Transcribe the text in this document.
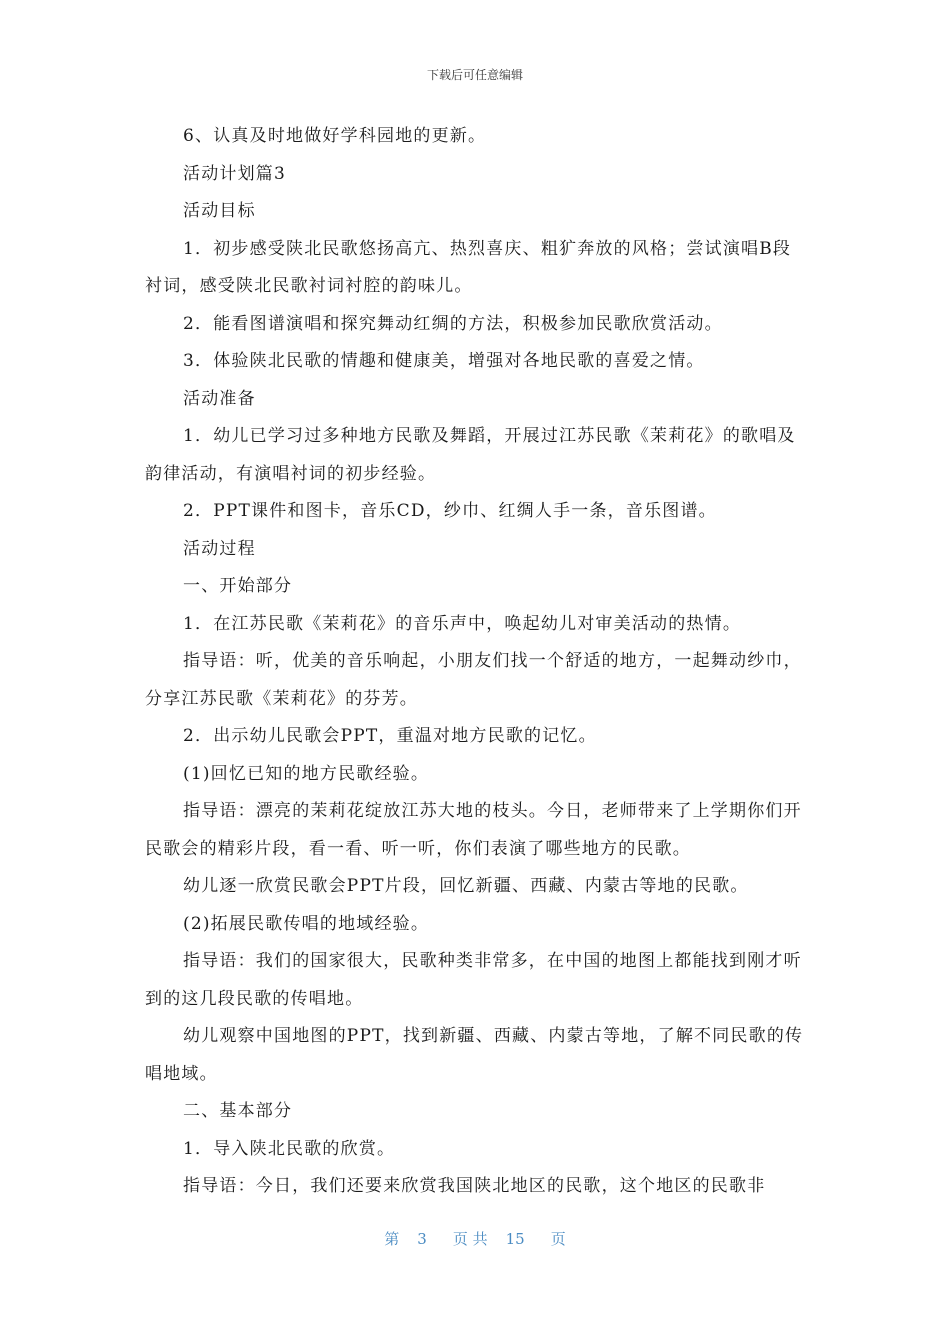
下载后可任意编辑

6、认真及时地做好学科园地的更新。

活动计划篇3

活动目标

1．初步感受陕北民歌悠扬高亢、热烈喜庆、粗犷奔放的风格；尝试演唱B段衬词，感受陕北民歌衬词衬腔的韵味儿。

2．能看图谱演唱和探究舞动红绸的方法，积极参加民歌欣赏活动。

3．体验陕北民歌的情趣和健康美，增强对各地民歌的喜爱之情。

活动准备

1．幼儿已学习过多种地方民歌及舞蹈，开展过江苏民歌《茉莉花》的歌唱及韵律活动，有演唱衬词的初步经验。

2．PPT课件和图卡，音乐CD，纱巾、红绸人手一条，音乐图谱。

活动过程

一、开始部分

1．在江苏民歌《茉莉花》的音乐声中，唤起幼儿对审美活动的热情。

指导语：听，优美的音乐响起，小朋友们找一个舒适的地方，一起舞动纱巾，分享江苏民歌《茉莉花》的芬芳。

2．出示幼儿民歌会PPT，重温对地方民歌的记忆。

(1)回忆已知的地方民歌经验。

指导语：漂亮的茉莉花绽放江苏大地的枝头。今日，老师带来了上学期你们开民歌会的精彩片段，看一看、听一听，你们表演了哪些地方的民歌。

幼儿逐一欣赏民歌会PPT片段，回忆新疆、西藏、内蒙古等地的民歌。

(2)拓展民歌传唱的地域经验。

指导语：我们的国家很大，民歌种类非常多，在中国的地图上都能找到刚才听到的这几段民歌的传唱地。

幼儿观察中国地图的PPT，找到新疆、西藏、内蒙古等地，了解不同民歌的传唱地域。

二、基本部分

1．导入陕北民歌的欣赏。

指导语：今日，我们还要来欣赏我国陕北地区的民歌，这个地区的民歌非

第 3 页 共 15 页
